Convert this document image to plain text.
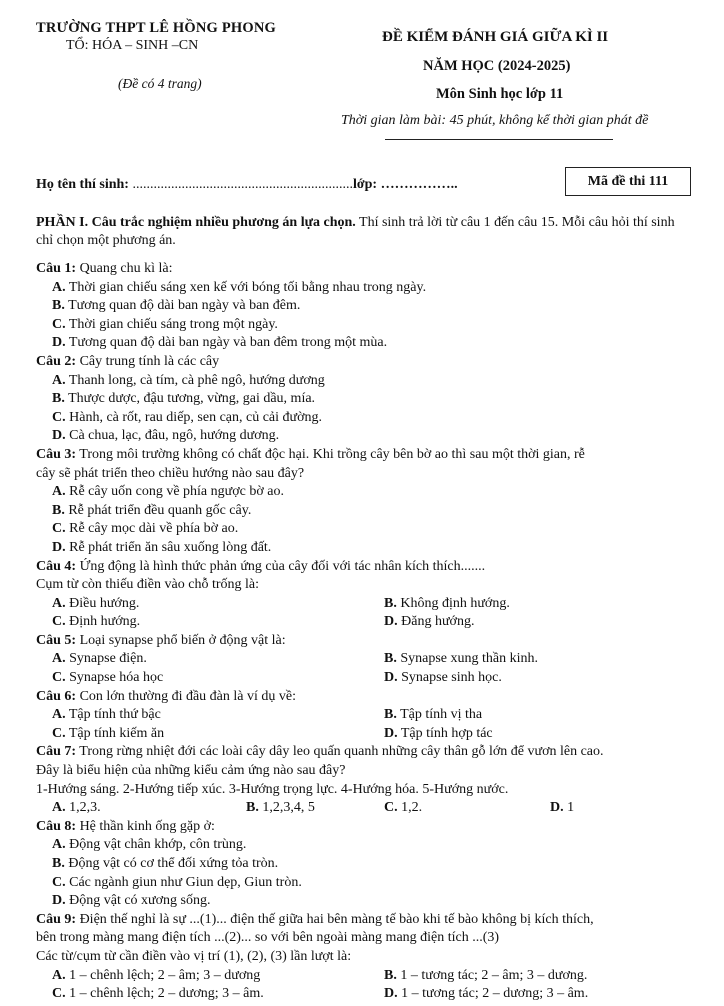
TRƯỜNG THPT LÊ HỒNG PHONG
TỔ: HÓA – SINH –CN
(Đề có 4 trang)
ĐỀ KIỂM ĐÁNH GIÁ GIỮA KÌ II
NĂM HỌC (2024-2025)
Môn Sinh học lớp 11
Thời gian làm bài: 45 phút, không kể thời gian phát đề
Họ tên thí sinh: ...............................................................lớp: ……………..	Mã đề thi 111
PHẦN I. Câu trắc nghiệm nhiều phương án lựa chọn. Thí sinh trả lời từ câu 1 đến câu 15. Mỗi câu hỏi thí sinh chỉ chọn một phương án.
Câu 1: Quang chu kì là:
A. Thời gian chiếu sáng xen kế với bóng tối bằng nhau trong ngày.
B. Tương quan độ dài ban ngày và ban đêm.
C. Thời gian chiếu sáng trong một ngày.
D. Tương quan độ dài ban ngày và ban đêm trong một mùa.
Câu 2: Cây trung tính là các cây
A. Thanh long, cà tím, cà phê ngô, hướng dương
B. Thược dược, đậu tương, vừng, gai dầu, mía.
C. Hành, cà rốt, rau diếp, sen cạn, củ cải đường.
D. Cà chua, lạc, đâu, ngô, hướng dương.
Câu 3: Trong môi trường không có chất độc hại. Khi trồng cây bên bờ ao thì sau một thời gian, rễ
cây sẽ phát triển theo chiều hướng nào sau đây?
A. Rễ cây uốn cong về phía ngược bờ ao.
B. Rễ phát triển đều quanh gốc cây.
C. Rễ cây mọc dài về phía bờ ao.
D. Rễ phát triển ăn sâu xuống lòng đất.
Câu 4: Ứng động là hình thức phản ứng của cây đối với tác nhân kích thích.......
Cụm từ còn thiếu điền vào chỗ trống là:
A. Điều hướng.	B. Không định hướng.
C. Định hướng.	D. Đăng hướng.
Câu 5: Loại synapse phổ biến ở động vật là:
A. Synapse điện.	B. Synapse xung thần kinh.
C. Synapse hóa học	D. Synapse sinh học.
Câu 6: Con lớn thường đi đầu đàn là ví dụ về:
A. Tập tính thứ bậc	B. Tập tính vị tha
C. Tập tính kiếm ăn	D. Tập tính hợp tác
Câu 7: Trong rừng nhiệt đới các loài cây dây leo quấn quanh những cây thân gỗ lớn để vươn lên cao.
Đây là biểu hiện của những kiểu cảm ứng nào sau đây?
1-Hướng sáng. 2-Hướng tiếp xúc. 3-Hướng trọng lực. 4-Hướng hóa. 5-Hướng nước.
A. 1,2,3.	B. 1,2,3,4, 5	C. 1,2.	D. 1
Câu 8: Hệ thần kinh ống gặp ở:
A. Động vật chân khớp, côn trùng.
B. Động vật có cơ thể đối xứng tỏa tròn.
C. Các ngành giun như Giun dẹp, Giun tròn.
D. Động vật có xương sống.
Câu 9: Điện thế nghỉ là sự ...(1)... điện thế giữa hai bên màng tế bào khi tế bào không bị kích thích,
bên trong màng mang điện tích ...(2)... so với bên ngoài màng mang điện tích ...(3)
Các từ/cụm từ cần điền vào vị trí (1), (2), (3) lần lượt là:
A. 1 – chênh lệch; 2 – âm; 3 – dương	B. 1 – tương tác; 2 – âm; 3 – dương.
C. 1 – chênh lệch; 2 – dương; 3 – âm.	D. 1 – tương tác; 2 – dương; 3 – âm.
